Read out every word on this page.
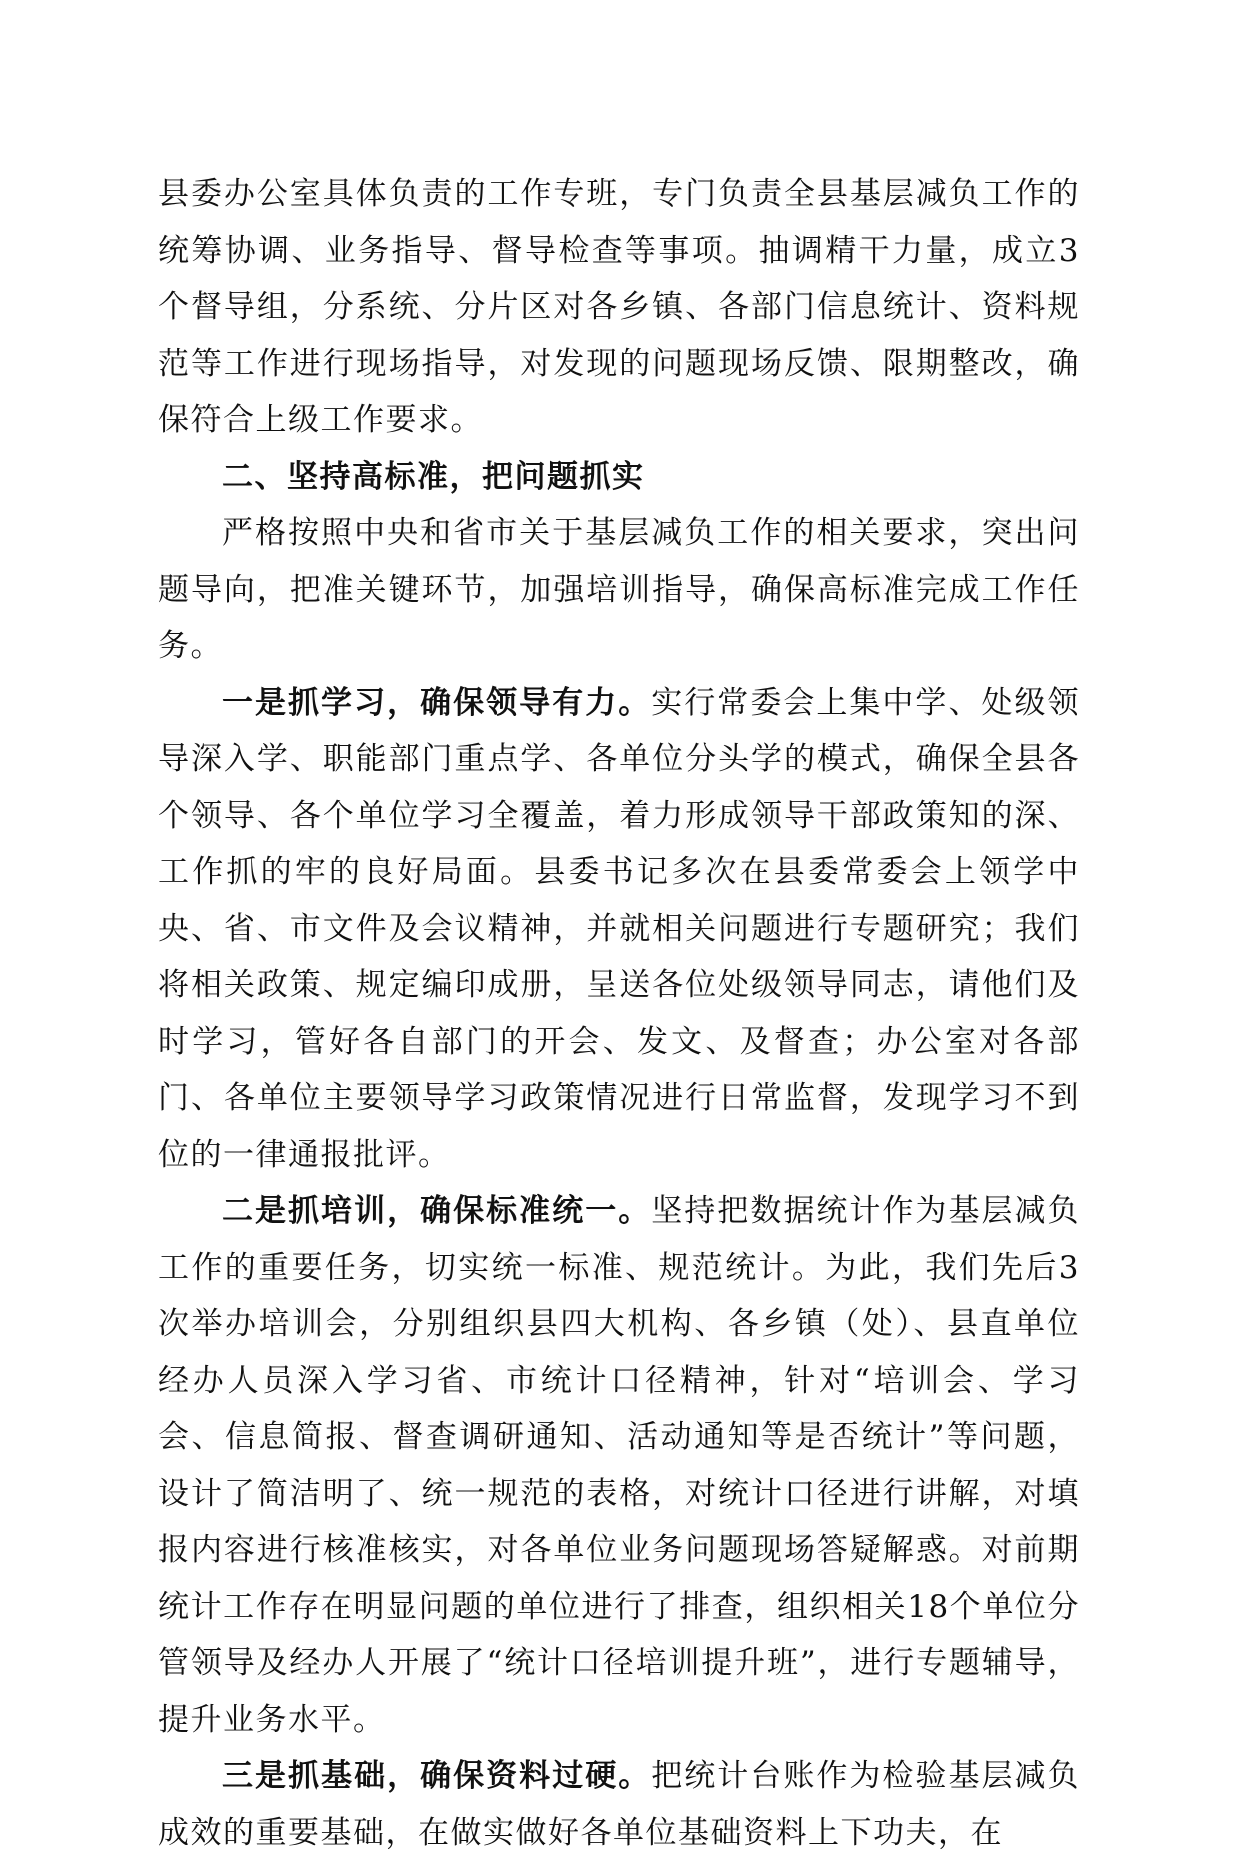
县委办公室具体负责的工作专班，专门负责全县基层减负工作的统筹协调、业务指导、督导检查等事项。抽调精干力量，成立3个督导组，分系统、分片区对各乡镇、各部门信息统计、资料规范等工作进行现场指导，对发现的问题现场反馈、限期整改，确保符合上级工作要求。

二、坚持高标准，把问题抓实

严格按照中央和省市关于基层减负工作的相关要求，突出问题导向，把准关键环节，加强培训指导，确保高标准完成工作任务。

一是抓学习，确保领导有力。实行常委会上集中学、处级领导深入学、职能部门重点学、各单位分头学的模式，确保全县各个领导、各个单位学习全覆盖，着力形成领导干部政策知的深、工作抓的牢的良好局面。县委书记多次在县委常委会上领学中央、省、市文件及会议精神，并就相关问题进行专题研究；我们将相关政策、规定编印成册，呈送各位处级领导同志，请他们及时学习，管好各自部门的开会、发文、及督查；办公室对各部门、各单位主要领导学习政策情况进行日常监督，发现学习不到位的一律通报批评。

二是抓培训，确保标准统一。坚持把数据统计作为基层减负工作的重要任务，切实统一标准、规范统计。为此，我们先后3次举办培训会，分别组织县四大机构、各乡镇（处）、县直单位经办人员深入学习省、市统计口径精神，针对“培训会、学习会、信息简报、督查调研通知、活动通知等是否统计”等问题，设计了简洁明了、统一规范的表格，对统计口径进行讲解，对填报内容进行核准核实，对各单位业务问题现场答疑解惑。对前期统计工作存在明显问题的单位进行了排查，组织相关18个单位分管领导及经办人开展了“统计口径培训提升班”，进行专题辅导，提升业务水平。

三是抓基础，确保资料过硬。把统计台账作为检验基层减负成效的重要基础，在做实做好各单位基础资料上下功夫，在
